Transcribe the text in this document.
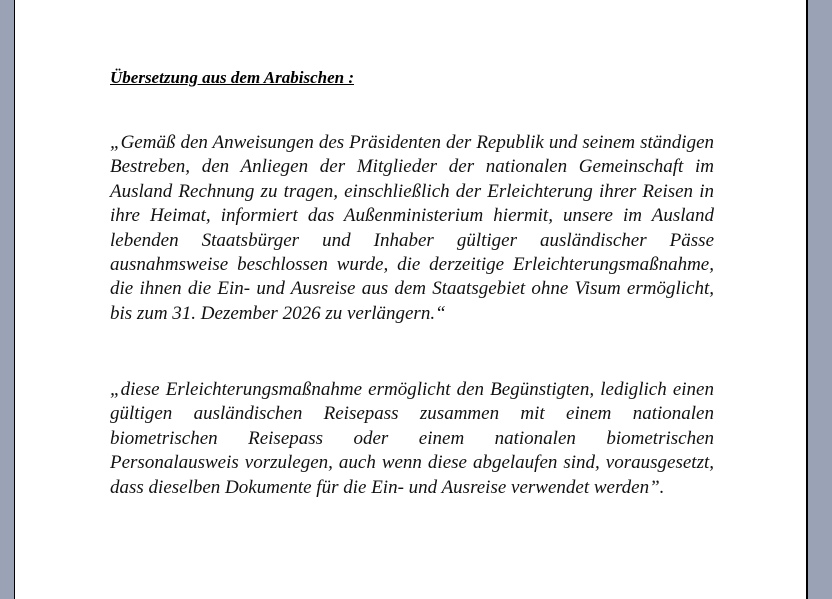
Übersetzung aus dem Arabischen :

„Gemäß den Anweisungen des Präsidenten der Republik und seinem ständigen Bestreben, den Anliegen der Mitglieder der nationalen Gemeinschaft im Ausland Rechnung zu tragen, einschließlich der Erleichterung ihrer Reisen in ihre Heimat, informiert das Außenministerium hiermit, unsere im Ausland lebenden Staatsbürger und Inhaber gültiger ausländischer Pässe ausnahmsweise beschlossen wurde, die derzeitige Erleichterungsmaßnahme, die ihnen die Ein- und Ausreise aus dem Staatsgebiet ohne Visum ermöglicht, bis zum 31. Dezember 2026 zu verlängern.“

„diese Erleichterungsmaßnahme ermöglicht den Begünstigten, lediglich einen gültigen ausländischen Reisepass zusammen mit einem nationalen biometrischen Reisepass oder einem nationalen biometrischen Personalausweis vorzulegen, auch wenn diese abgelaufen sind, vorausgesetzt, dass dieselben Dokumente für die Ein- und Ausreise verwendet werden”.
